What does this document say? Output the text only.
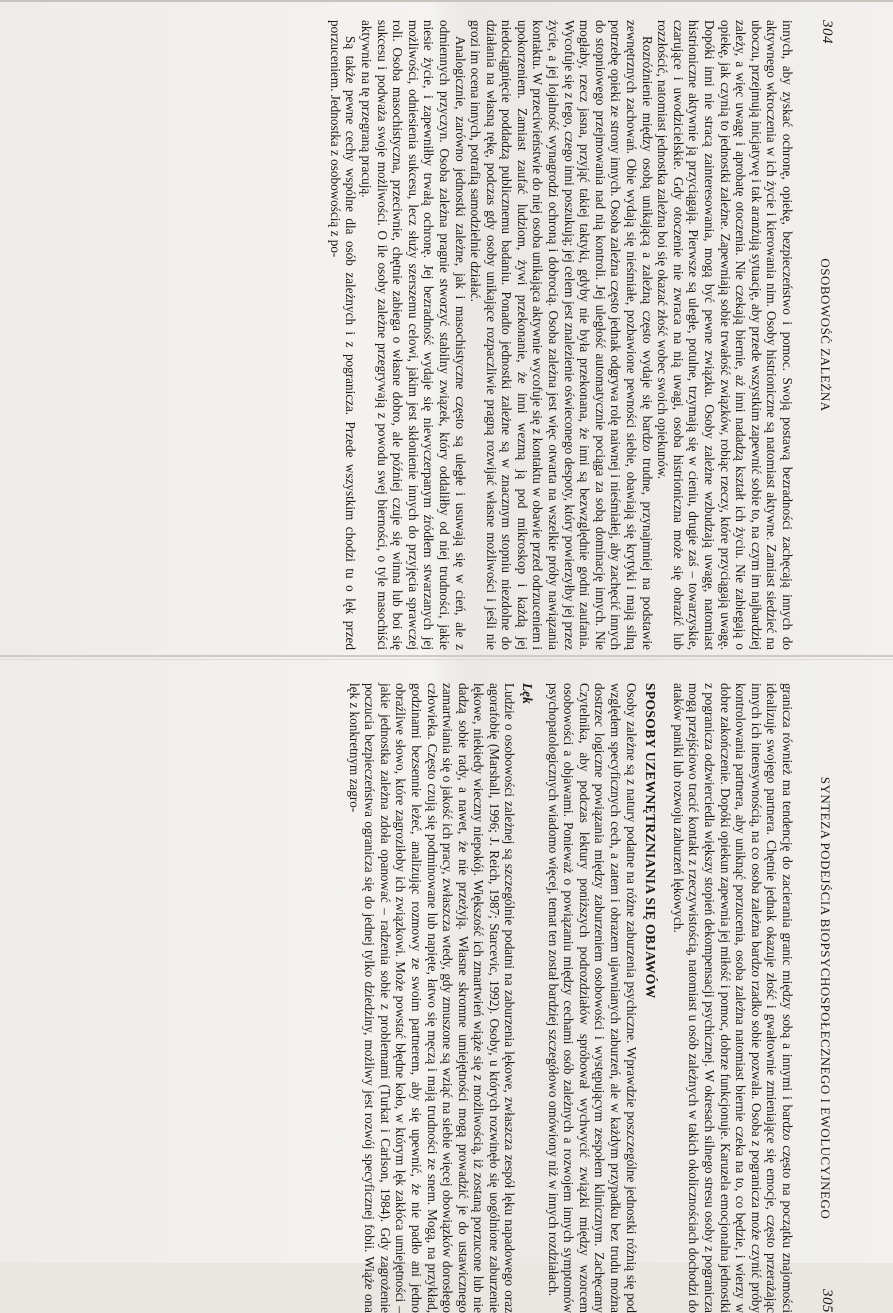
304
OSOBOWOŚĆ ZALEŻNA

innych, aby zyskać ochronę, opiekę, bezpieczeństwo i pomoc. Swoją postawą bezradności zachęcają innych do aktywnego wkroczenia w ich życie i kierowania nim. Osoby histrioniczne są natomiast aktywne. Zamiast siedzieć na uboczu, przejmują inicjatywę i tak aranżują sytuację, aby przede wszystkim zapewnić sobie to, na czym im najbardziej zależy, a więc uwagę i aprobatę otoczenia. Nie czekają biernie, aż inni nadadzą kształt ich życiu. Nie zabiegają o opiekę, jak czynią to jednostki zależne. Zapewniają sobie trwałość związków, robiąc rzeczy, które przyciągają uwagę. Dopóki inni nie stracą zainteresowania, mogą być pewne związku. Osoby zależne wzbudzają uwagę, natomiast histrioniczne aktywnie ją przyciągają. Pierwsze są uległe, potulne, trzymają się w cieniu, drugie zaś – towarzyskie, czarujące i uwodzicielskie. Gdy otoczenie nie zwraca na nią uwagi, osoba histrioniczna może się obrazić lub rozzłościć, natomiast jednostka zależna boi się okazać złość wobec swoich opiekunów.

Rozróżnienie między osobą unikającą a zależną często wydaje się bardzo trudne, przynajmniej na podstawie zewnętrznych zachowań. Obie wydają się nieśmiałe, pozbawione pewności siebie, obawiają się krytyki i mają silną potrzebę opieki ze strony innych. Osoba zależna często jednak odgrywa rolę naiwnej i nieśmiałej, aby zachęcić innych do stopniowego przejmowania nad nią kontroli. Jej uległość automatycznie pociąga za sobą dominację innych. Nie mogłaby, rzecz jasna, przyjąć takiej taktyki, gdyby nie była przekonana, że inni są bezwzględnie godni zaufania. Wycofuje się z tego, czego inni poszukują; jej celem jest znalezienie oświeconego despoty, który powierzyłby jej przez życie, a jej lojalność wynagrodzi ochroną i dobrocią. Osoba zależna jest więc otwarta na wszelkie próby nawiązania kontaktu. W przeciwieństwie do niej osoba unikająca aktywnie wycofuje się z kontaktu w obawie przed odrzuceniem i upokorzeniem. Zamiast zaufać ludziom, żywi przekonanie, że inni wezmą ją pod mikroskop i każdą jej niedociągnięcie poddadzą publicznemu badaniu. Ponadto jednostki zależne są w znacznym stopniu niezdolne do działania na własną rękę, podczas gdy osoby unikające rozpaczliwie pragną rozwijać własne możliwości i jeśli nie grozi im ocena innych, potrafią samodzielnie działać.

Analogicznie, zarówno jednostki zależne, jak i masochistyczne często są uległe i usuwają się w cień, ale z odmiennych przyczyn. Osoba zależna pragnie stworzyć stabilny związek, który oddaliłby od niej trudności, jakie niesie życie, i zapewniłby trwałą ochronę. Jej bezradność wydaje się niewyczerpanym źródłem stwarzanych jej możliwości, odniesienia sukcesu, lecz służy szerszemu celowi, jakim jest skłonienie innych do przyjęcia sprawczej roli. Osoba masochistyczna, przeciwnie, chętnie zabiega o własne dobro, ale później czuje się winna lub boi się sukcesu i podważa swoje możliwości. O ile osoby zależne przegrywają z powodu swej bierności, o tyle masochiści aktywnie na tę przegraną pracują.

Są także pewne cechy wspólne dla osób zależnych i z pogranicza. Przede wszystkim chodzi tu o lęk przed porzuceniem. Jednostka z osobowością z po-

SYNTEZA PODEJŚCIA BIOPSYCHOSPOŁECZNEGO I EWOLUCYJNEGO
305

granicza również ma tendencję do zacierania granic między sobą a innymi i bardzo często na początku znajomości idealizuje swojego partnera. Chętnie jednak okazuje złość i gwałtownie zmieniające się emocje, często przerażając innych ich intensywnością, na co osoba zależna bardzo rzadko sobie pozwala. Osoba z pogranicza może czynić próby kontrolowania partnera, aby uniknąć porzucenia, osoba zależna natomiast biernie czeka na to, co będzie, i wierzy w dobre zakończenie. Dopóki opiekun zapewnia jej miłość i pomoc, dobrze funkcjonuje. Karuzela emocjonalna jednostki z pogranicza odzwierciedla większy stopień dekompensacji psychicznej. W okresach silnego stresu osoby z pogranicza mogą przejściowo tracić kontakt z rzeczywistością, natomiast u osób zależnych w takich okolicznościach dochodzi do ataków paniki lub rozwoju zaburzeń lękowych.

SPOSOBY UZEWNĘTRZNIANIA SIĘ OBJAWÓW

Osoby zależne są z natury podatne na różne zaburzenia psychiczne. Wprawdzie poszczególne jednostki różnią się pod względem specyficznych cech, a zatem i obrazem ujawnianych zaburzeń, ale w każdym przypadku bez trudu można dostrzec logiczne powiązania między zaburzeniem osobowości i występującym zespołem klinicznym. Zachęcamy Czytelnika, aby podczas lektury poniższych podrozdziałów spróbował wychwycić związki między wzorcem osobowości a objawami. Ponieważ o powiązaniu między cechami osób zależnych a rozwojem innych symptomów psychopatologicznych wiadomo więcej, temat ten został bardziej szczegółowo omówiony niż w innych rozdziałach.

Lęk

Ludzie o osobowości zależnej są szczególnie podatni na zaburzenia lękowe, zwłaszcza zespół lęku napadowego oraz agorafobię (Marshall, 1996; J. Reich, 1987; Starcevic, 1992). Osoby, u których rozwinęło się uogólnione zaburzenie lękowe, niekiedy wieczny niepokój. Większość ich zmartwień wiąże się z możliwością, iż zostaną porzucone lub nie dadzą sobie rady, a nawet, że nie przeżyją. Własne skromne umiejętności mogą prowadzić je do ustawicznego zamartwiania się o jakość ich pracy, zwłaszcza wtedy, gdy zmuszone są wziąć na siebie więcej obowiązków dorosłego człowieka. Często czują się podminowane lub napięte, łatwo się męczą i mają trudności ze snem. Mogą, na przykład, godzinami bezsennie leżeć, analizując rozmowy ze swoim partnerem, aby się upewnić, że nie padło ani jedno obraźliwe słowo, które zagroziłoby ich związkowi. Może powstać błędne koło, w którym lęk zakłóca umiejętności – jakie jednostka zależna zdoła opanować – radzenia sobie z problemami (Turkat i Carlson, 1984). Gdy zagrożenie poczucia bezpieczeństwa ogranicza się do jednej tylko dziedziny, możliwy jest rozwój specyficznej fobii. Wiąże ona lęk z konkretnym zagro-
